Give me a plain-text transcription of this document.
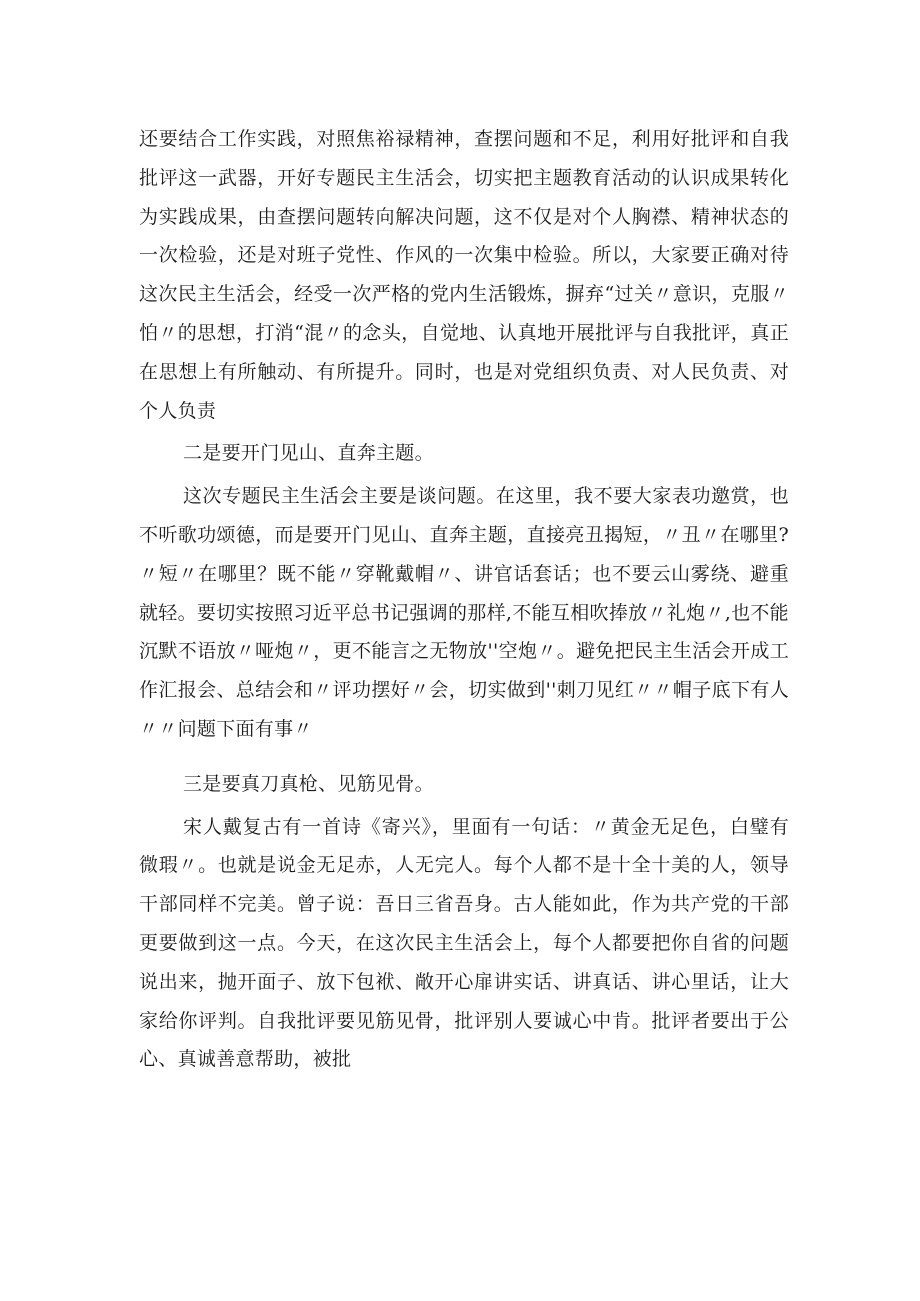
还要结合工作实践，对照焦裕禄精神，查摆问题和不足，利用好批评和自我批评这一武器，开好专题民主生活会，切实把主题教育活动的认识成果转化为实践成果，由查摆问题转向解决问题，这不仅是对个人胸襟、精神状态的一次检验，还是对班子党性、作风的一次集中检验。所以，大家要正确对待这次民主生活会，经受一次严格的党内生活锻炼，摒弃“过关〃意识，克服〃怕〃的思想，打消“混〃的念头，自觉地、认真地开展批评与自我批评，真正在思想上有所触动、有所提升。同时，也是对党组织负责、对人民负责、对个人负责

二是要开门见山、直奔主题。

这次专题民主生活会主要是谈问题。在这里，我不要大家表功邀赏，也不听歌功颂德，而是要开门见山、直奔主题，直接亮丑揭短，〃丑〃在哪里?〃短〃在哪里？既不能〃穿靴戴帽〃、讲官话套话；也不要云山雾绕、避重就轻。要切实按照习近平总书记强调的那样,不能互相吹捧放〃礼炮〃,也不能沉默不语放〃哑炮〃，更不能言之无物放''空炮〃。避免把民主生活会开成工作汇报会、总结会和〃评功摆好〃会，切实做到''刺刀见红〃〃帽子底下有人〃〃问题下面有事〃

三是要真刀真枪、见筋见骨。

宋人戴复古有一首诗《寄兴》，里面有一句话：〃黄金无足色，白璧有微瑕〃。也就是说金无足赤，人无完人。每个人都不是十全十美的人，领导干部同样不完美。曾子说：吾日三省吾身。古人能如此，作为共产党的干部更要做到这一点。今天，在这次民主生活会上，每个人都要把你自省的问题说出来，抛开面子、放下包袱、敞开心扉讲实话、讲真话、讲心里话，让大家给你评判。自我批评要见筋见骨，批评别人要诚心中肯。批评者要出于公心、真诚善意帮助，被批
